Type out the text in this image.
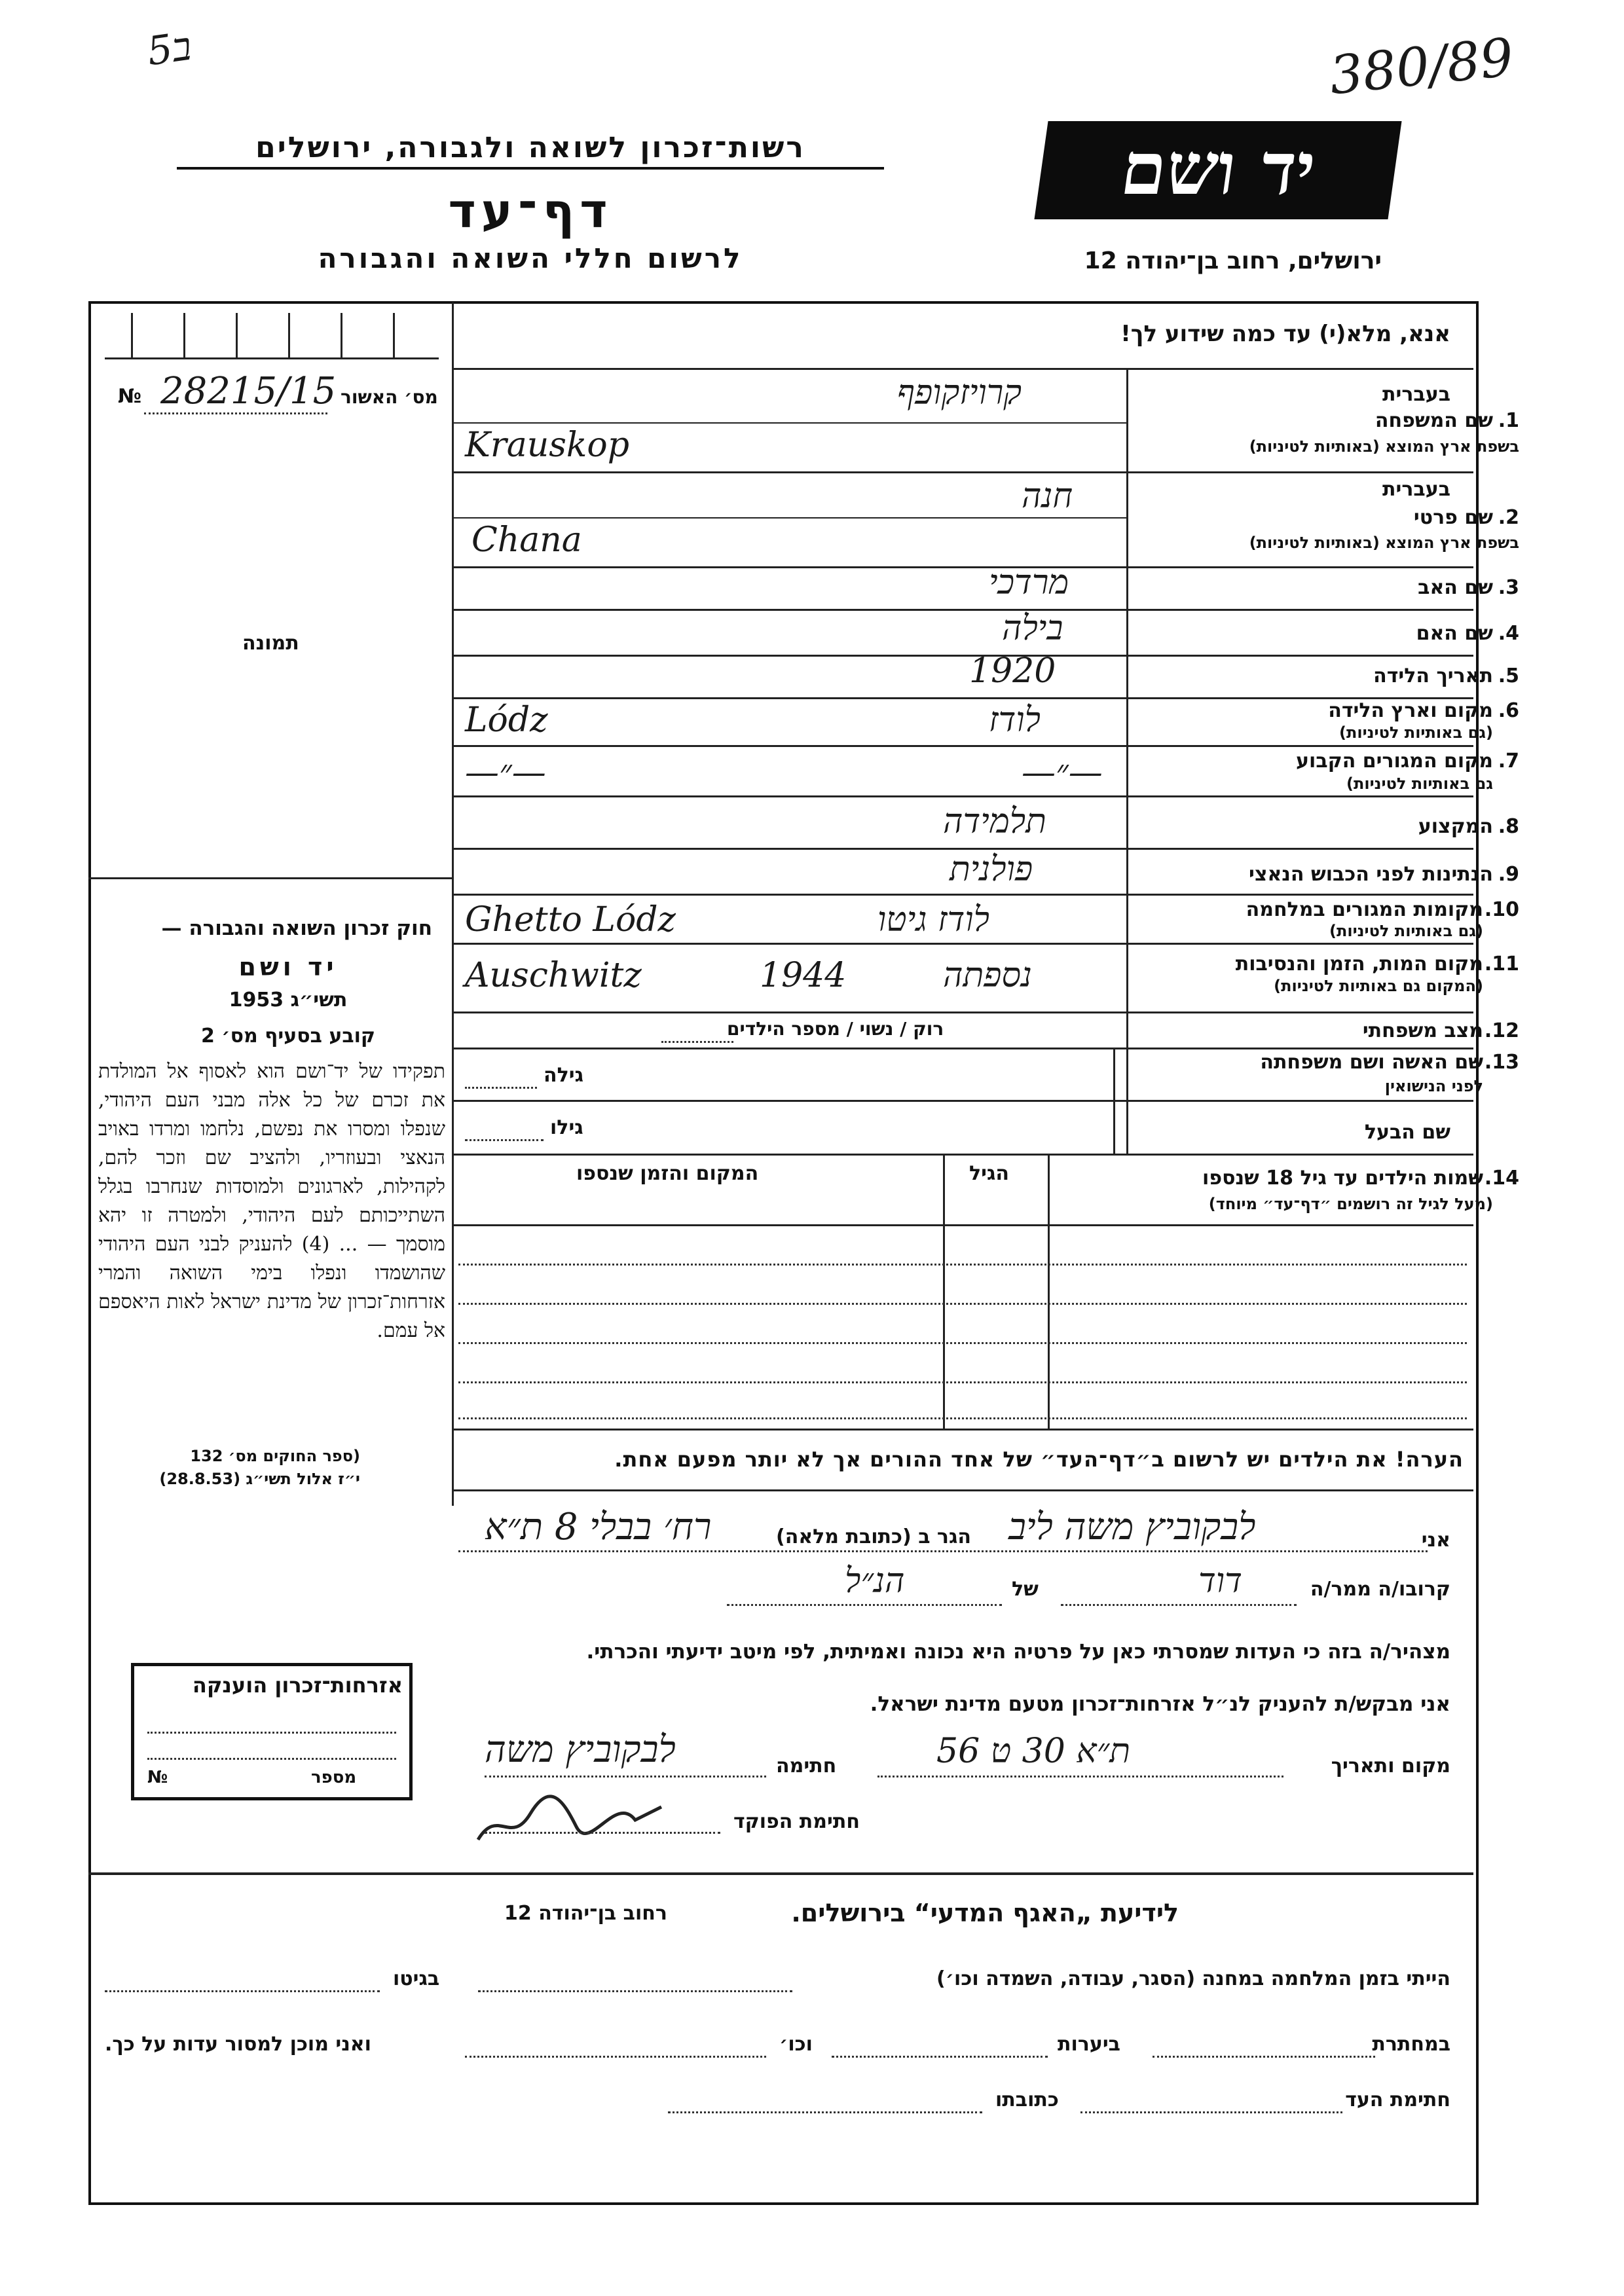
5ב	380/89
רשות־זכרון לשואה ולגבורה, ירושלים
דף־עד
לרשום חללי השואה והגבורה
יד ושם
ירושלים, רחוב בן־יהודה 12
אנא, מלא(י) עד כמה שידוע לך!
מס׳ האשור
№ 28215/15
תמונה
בעברית
1.
שם המשפחה
בשפת ארץ המוצא (באותיות לטיניות)
קרויזקופף
Krauskop
בעברית
2.
שם פרטי
בשפת ארץ המוצא (באותיות לטיניות)
חנה
Chana
3.
שם האב
מרדכי
4.
שם האם
בילה
5.
תאריך הלידה
1920
6.
מקום וארץ הלידה
(גם באותיות לטיניות)
לודז
Lódz
7.
מקום המגורים הקבוע
גם באותיות לטיניות)
—״—
—״—
8.
המקצוע
תלמידה
9.
הנתינות לפני הכבוש הנאצי
פולנית
10.
מקומות המגורים במלחמה
(גם באותיות לטיניות)
לודז גיטו
Ghetto Lódz
11.
מקום המות, הזמן והנסיבות
(המקום גם באותיות לטיניות)
נספתה
1944
Auschwitz
12.
מצב משפחתי
רוק / נשוי / מספר הילדים
13.
שם האשה ושם משפחתה
לפני הנישואין
גילה
שם הבעל
גילו
14.
שמות הילדים עד גיל 18 שנספו
(מעל לגיל זה רושמים ״דף־עד״ מיוחד)
הגיל
המקום והזמן שנספו
הערה! את הילדים יש לרשום ב״דף־העד״ של אחד ההורים אך לא יותר מפעם אחת.
חוק זכרון השואה והגבורה —
יד ושם
תשי״ג 1953
קובע בסעיף מס׳ 2
תפקידו של יד־ושם הוא לאסוף אל המולדת את זכרם של כל אלה מבני העם היהודי, שנפלו ומסרו את נפשם, נלחמו ומרדו באויב הנאצי ובעוזריו, ולהציב שם וזכר להם, לקהילות, לארגונים ולמוסדות שנחרבו בגלל השתייכותם לעם היהודי, ולמטרה זו יהא מוסמך — ... (4) להעניק לבני העם היהודי שהושמדו ונפלו בימי השואה והמרי אזרחות־זכרון של מדינת ישראל לאות היאספם אל עמם.
(ספר החוקים מס׳ 132
י״ז אלול תשי״ג (28.8.53)
אני
לבקוביץ משה ליב
הגר ב (כתובת מלאה)
רח׳ בבלי 8 ת״א
קרובו/ה ממר/ה
דוד
של
הנ״ל
מצהיר/ה בזה כי העדות שמסרתי כאן על פרטיה היא נכונה ואמיתית, לפי מיטב ידיעתי והכרתי.
אני מבקש/ת להעניק לנ״ל אזרחות־זכרון מטעם מדינת ישראל.
מקום ותאריך
ת״א 30 ט 56
חתימה
לבקוביץ משה
חתימת הפוקד
אזרחות־זכרון הוענקה
№	מספר
לידיעת „האגף המדעי“ בירושלים.
רחוב בן־יהודה 12
הייתי בזמן המלחמה במחנה (הסגר, עבודה, השמדה וכו׳)
בגיטו
במחתרת
ביערות
וכו׳
ואני מוכן למסור עדות על כך.
חתימת העד
כתובתו
